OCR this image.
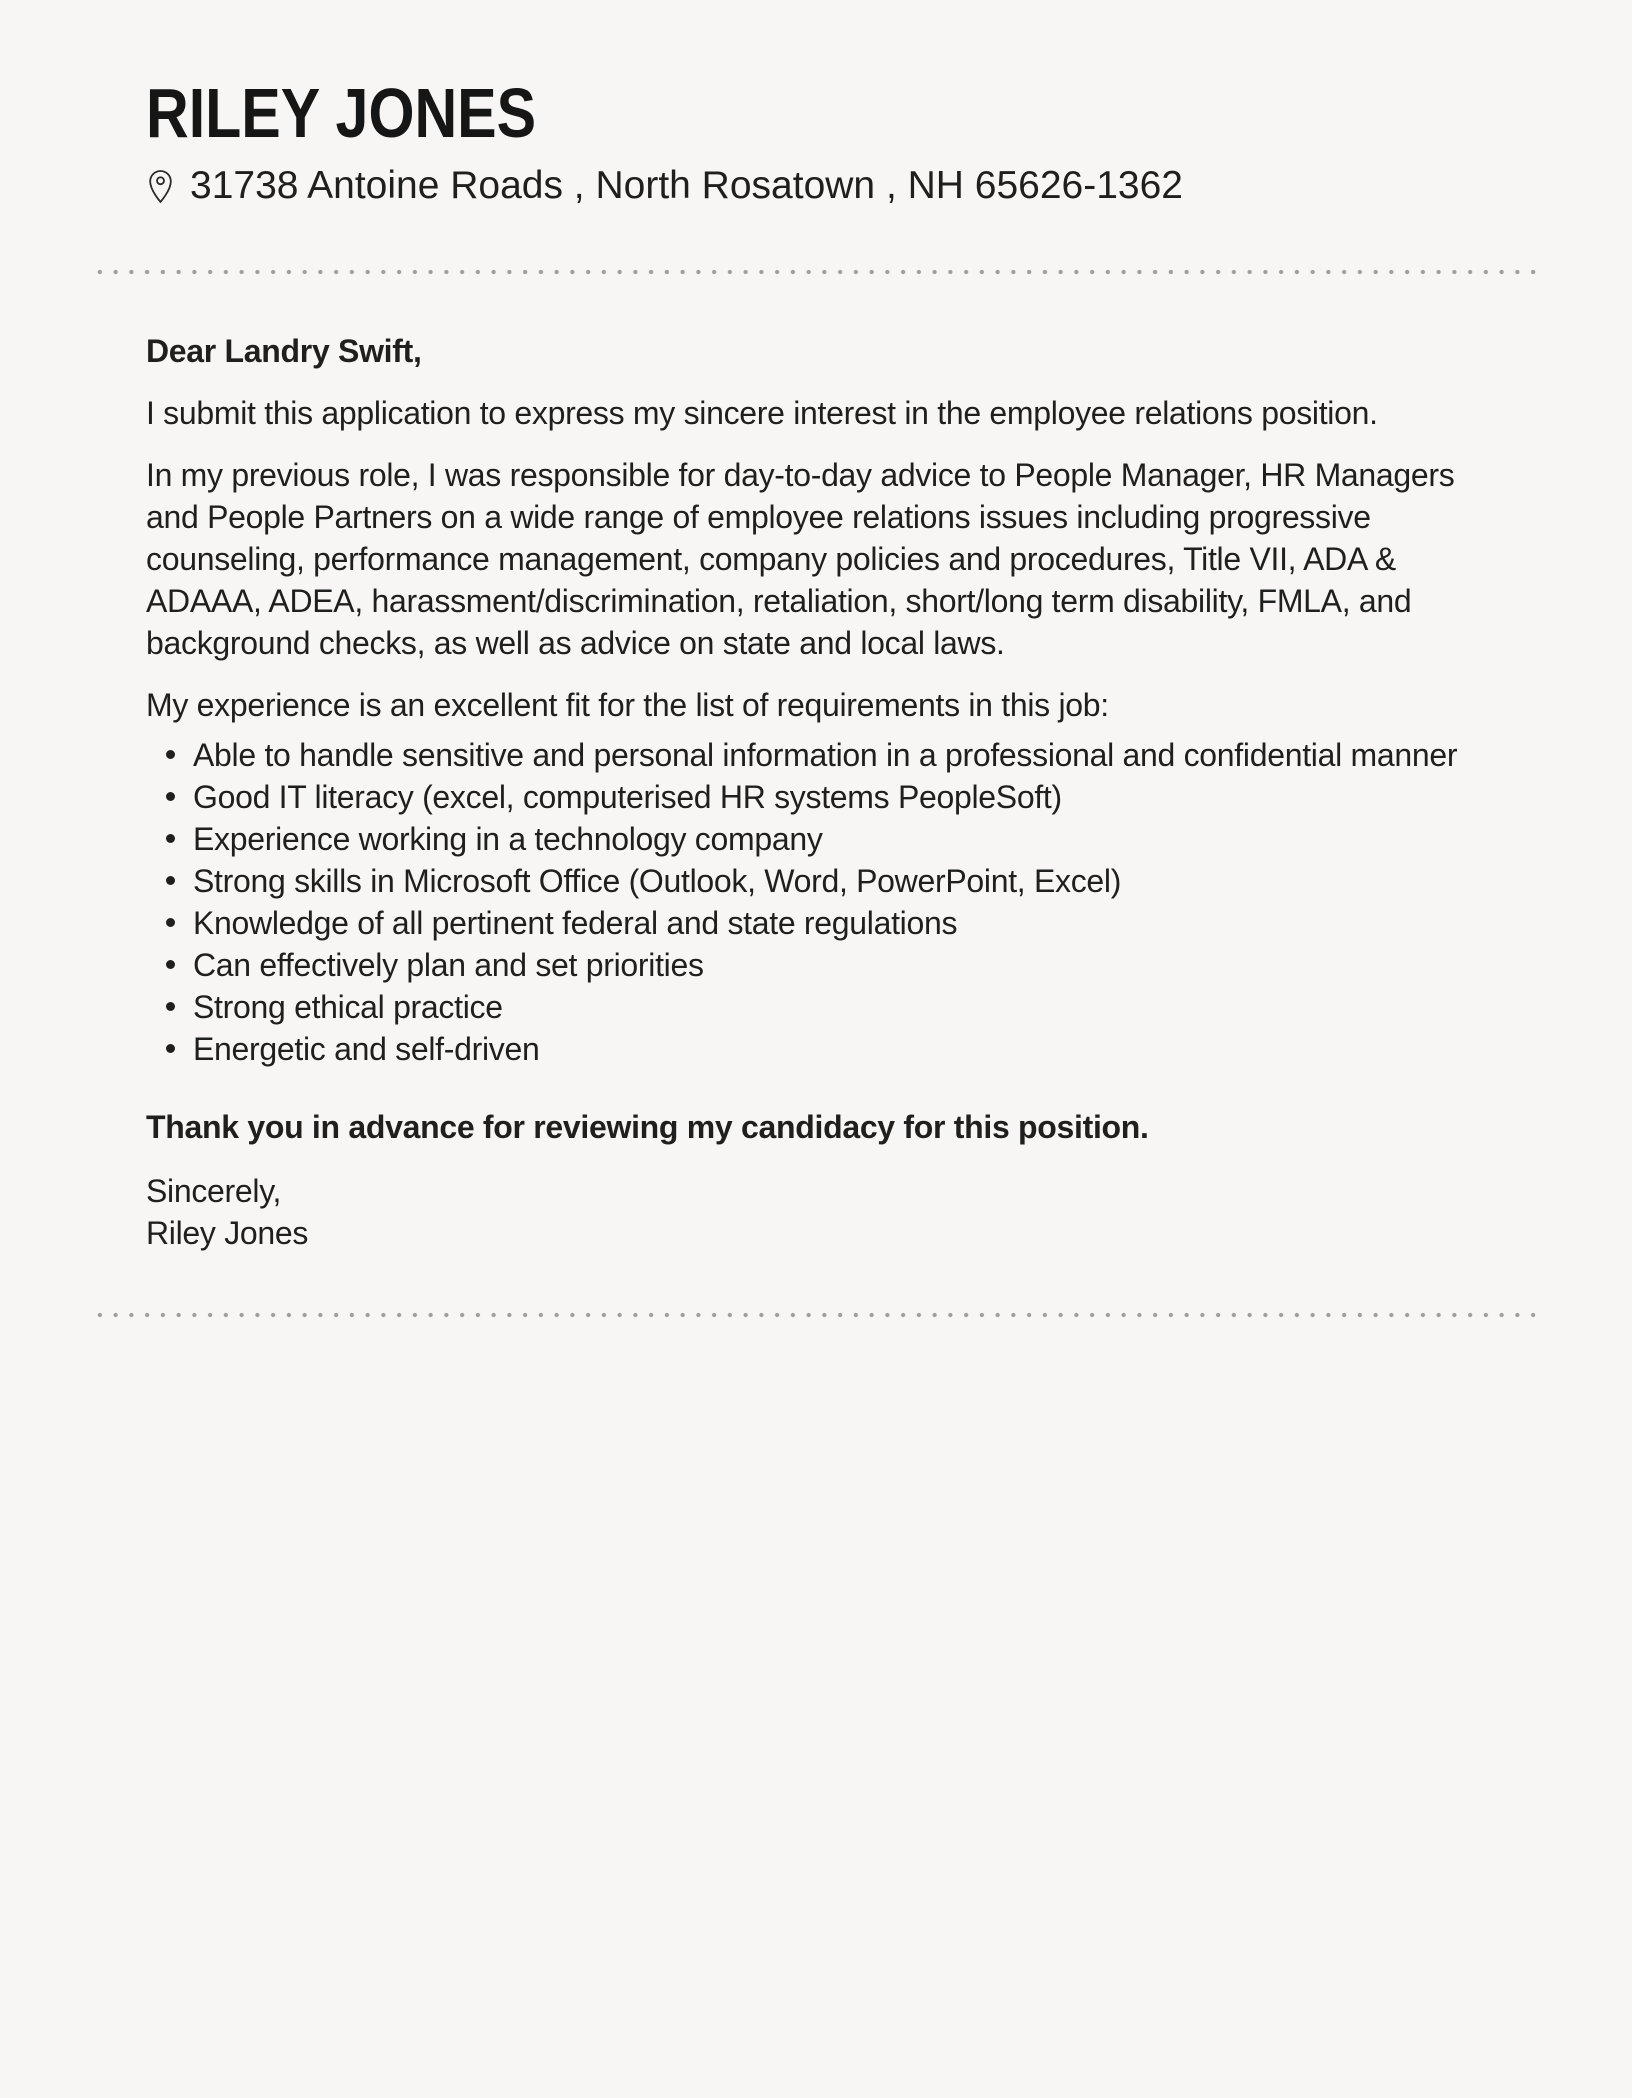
RILEY JONES
31738 Antoine Roads , North Rosatown , NH 65626-1362

Dear Landry Swift,

I submit this application to express my sincere interest in the employee relations position.

In my previous role, I was responsible for day-to-day advice to People Manager, HR Managers and People Partners on a wide range of employee relations issues including progressive counseling, performance management, company policies and procedures, Title VII, ADA & ADAAA, ADEA, harassment/discrimination, retaliation, short/long term disability, FMLA, and background checks, as well as advice on state and local laws.

My experience is an excellent fit for the list of requirements in this job:

Able to handle sensitive and personal information in a professional and confidential manner
Good IT literacy (excel, computerised HR systems PeopleSoft)
Experience working in a technology company
Strong skills in Microsoft Office (Outlook, Word, PowerPoint, Excel)
Knowledge of all pertinent federal and state regulations
Can effectively plan and set priorities
Strong ethical practice
Energetic and self-driven

Thank you in advance for reviewing my candidacy for this position.

Sincerely,
Riley Jones
